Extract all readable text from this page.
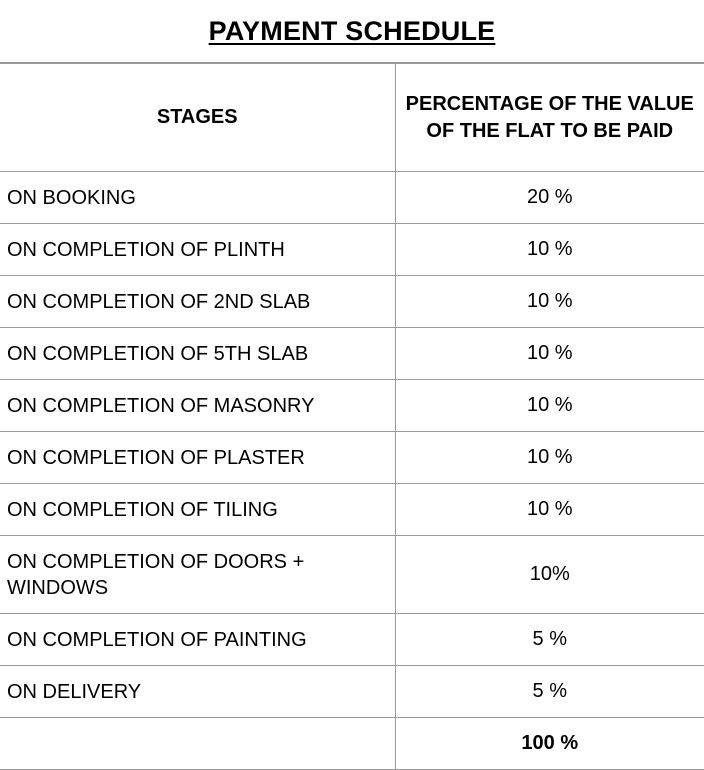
PAYMENT SCHEDULE
STAGES	PERCENTAGE OF THE VALUE OF THE FLAT TO BE PAID
ON BOOKING	20 %
ON COMPLETION OF PLINTH	10 %
ON COMPLETION OF 2ND SLAB	10 %
ON COMPLETION OF 5TH SLAB	10 %
ON COMPLETION OF MASONRY	10 %
ON COMPLETION OF PLASTER	10 %
ON COMPLETION OF TILING	10 %
ON COMPLETION OF DOORS + WINDOWS	10%
ON COMPLETION OF PAINTING	5 %
ON DELIVERY	5 %
	100 %
